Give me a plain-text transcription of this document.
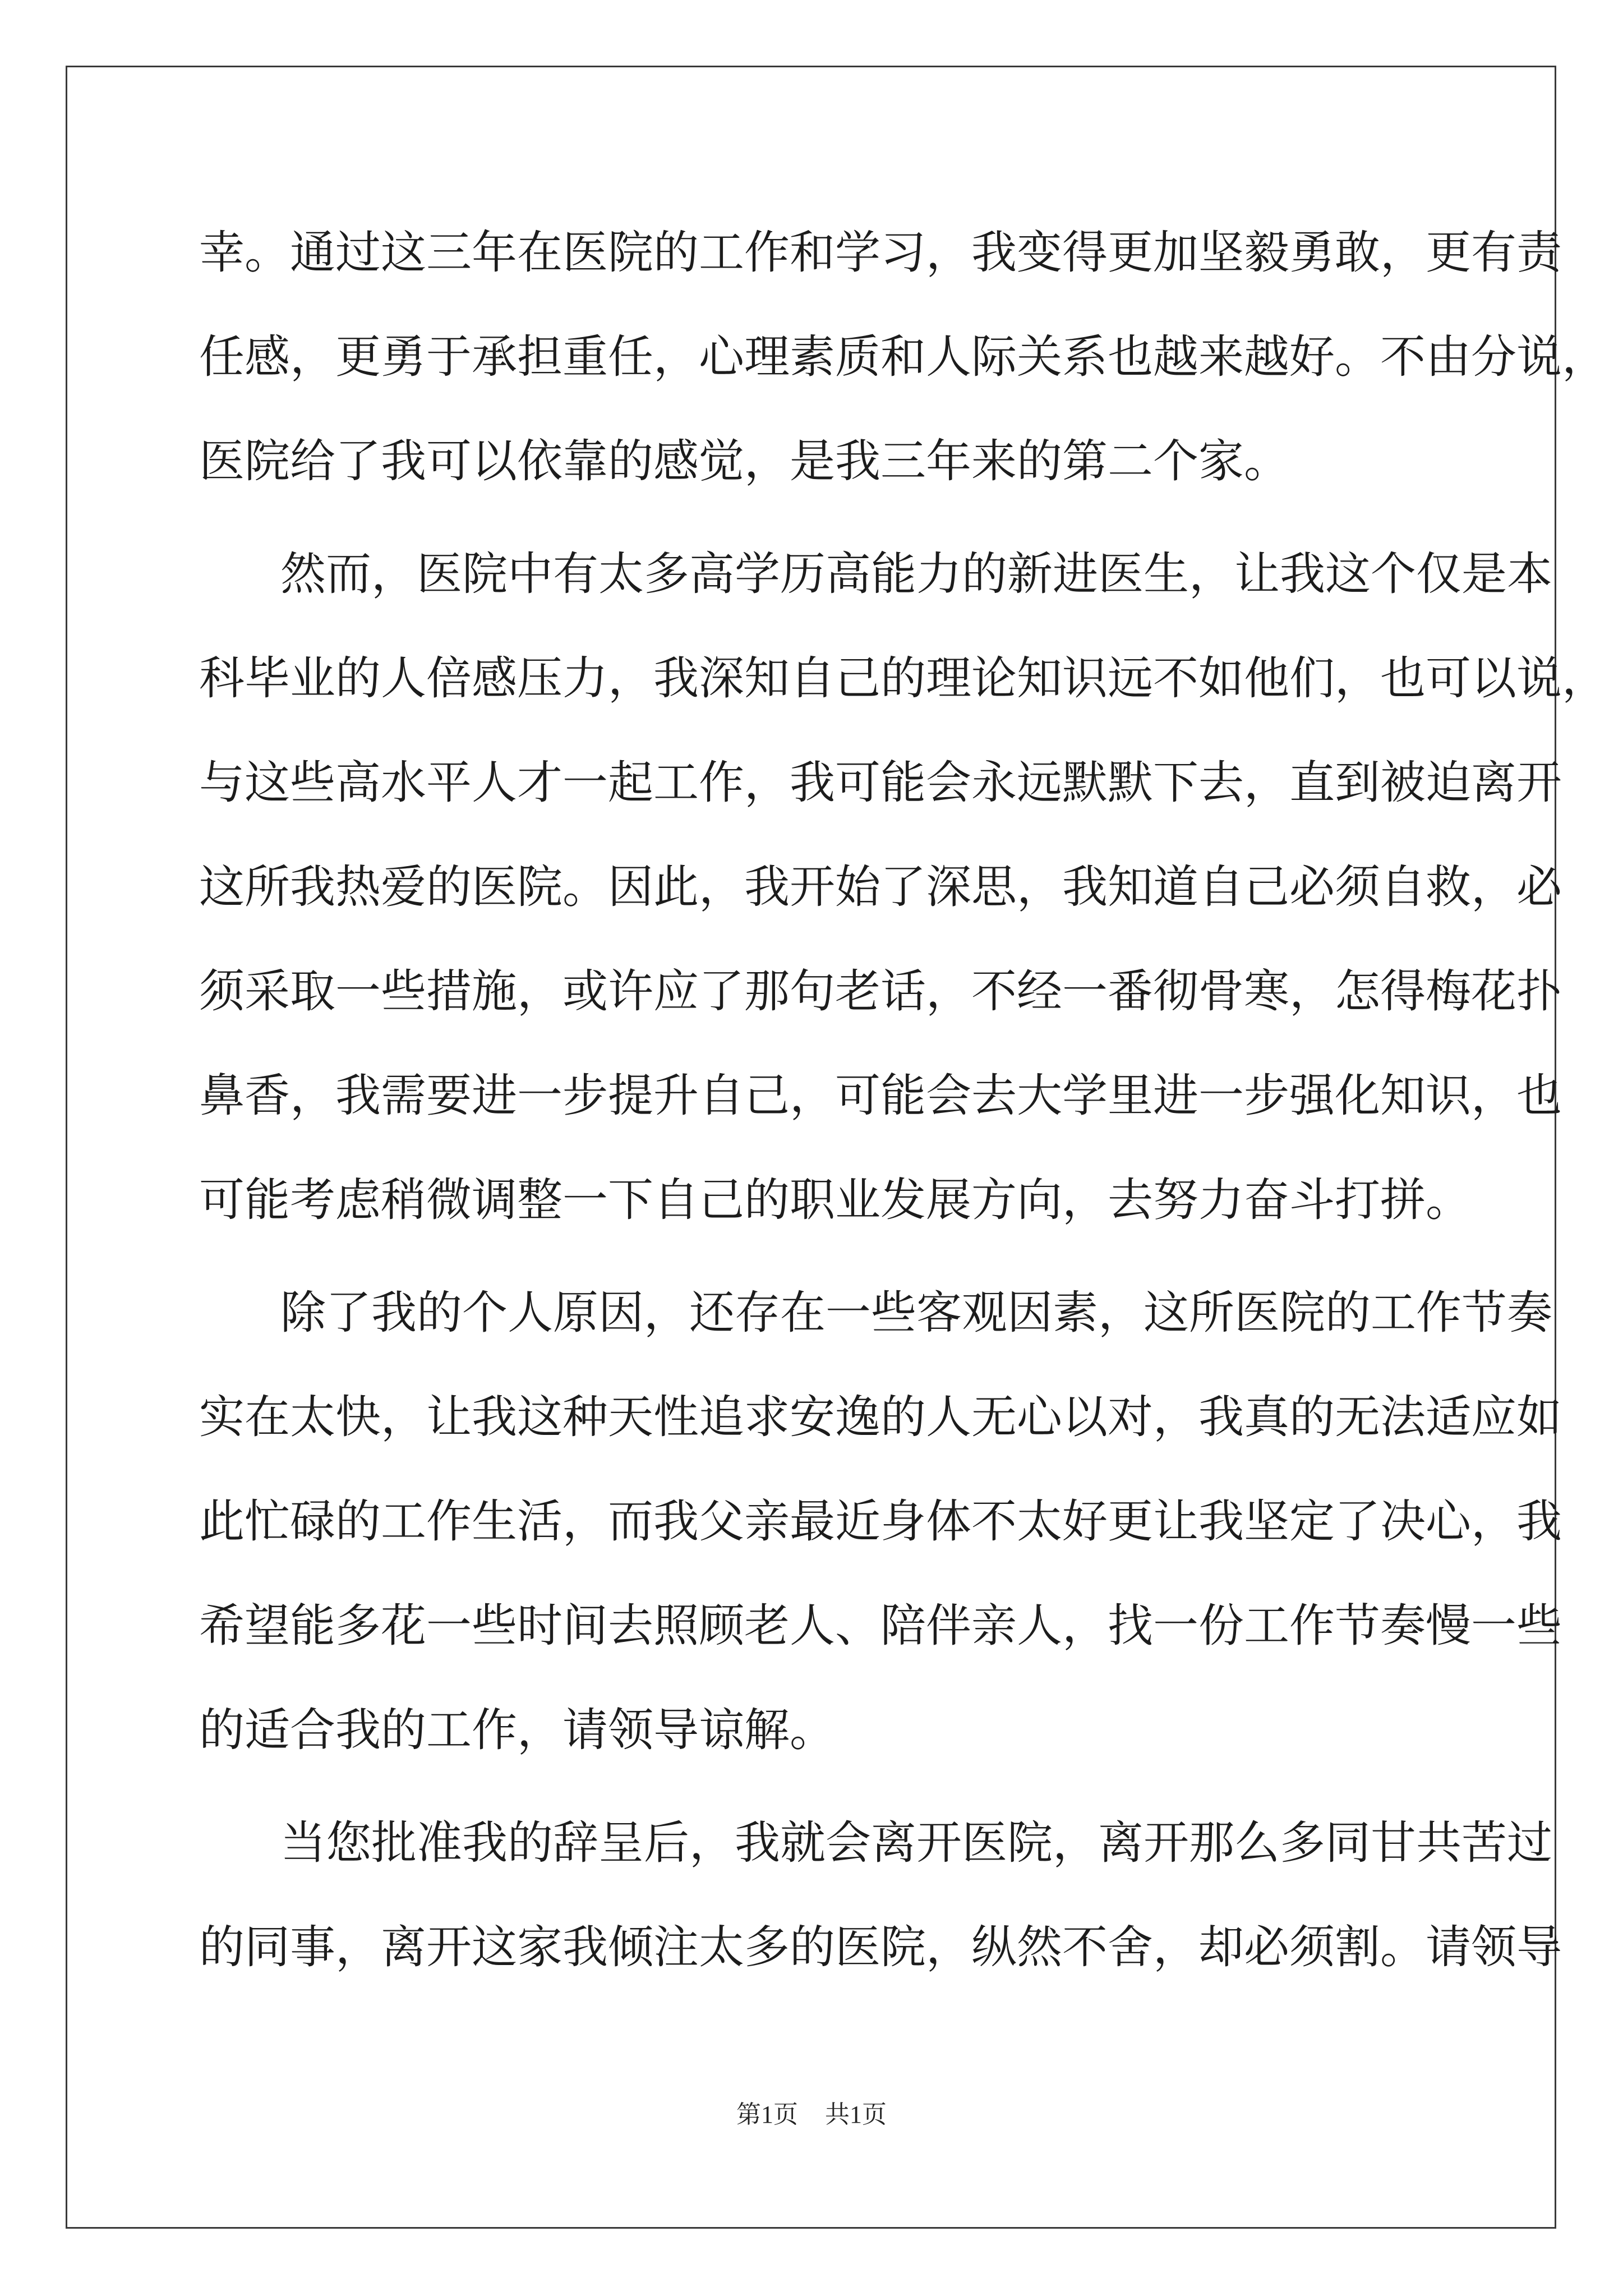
幸。通过这三年在医院的工作和学习，我变得更加坚毅勇敢，更有责
任感，更勇于承担重任，心理素质和人际关系也越来越好。不由分说，
医院给了我可以依靠的感觉，是我三年来的第二个家。
然而，医院中有太多高学历高能力的新进医生，让我这个仅是本
科毕业的人倍感压力，我深知自己的理论知识远不如他们，也可以说，
与这些高水平人才一起工作，我可能会永远默默下去，直到被迫离开
这所我热爱的医院。因此，我开始了深思，我知道自己必须自救，必
须采取一些措施，或许应了那句老话，不经一番彻骨寒，怎得梅花扑
鼻香，我需要进一步提升自己，可能会去大学里进一步强化知识，也
可能考虑稍微调整一下自己的职业发展方向，去努力奋斗打拼。
除了我的个人原因，还存在一些客观因素，这所医院的工作节奏
实在太快，让我这种天性追求安逸的人无心以对，我真的无法适应如
此忙碌的工作生活，而我父亲最近身体不太好更让我坚定了决心，我
希望能多花一些时间去照顾老人、陪伴亲人，找一份工作节奏慢一些
的适合我的工作，请领导谅解。
当您批准我的辞呈后，我就会离开医院，离开那么多同甘共苦过
的同事，离开这家我倾注太多的医院，纵然不舍，却必须割。请领导
第1页 共1页
